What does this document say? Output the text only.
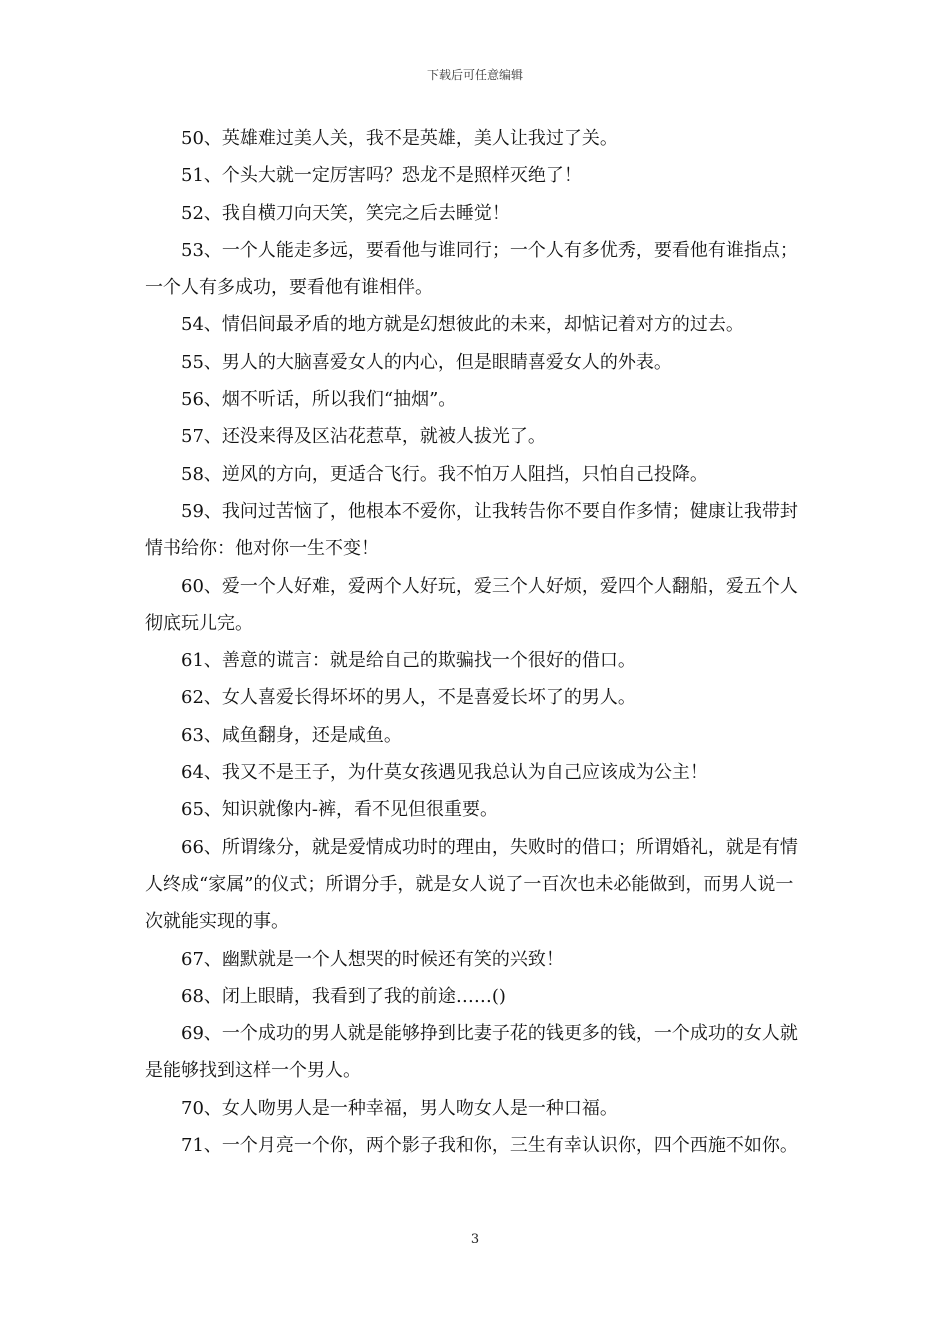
下载后可任意编辑

50、英雄难过美人关，我不是英雄，美人让我过了关。

51、个头大就一定厉害吗？恐龙不是照样灭绝了！

52、我自横刀向天笑，笑完之后去睡觉！

53、一个人能走多远，要看他与谁同行；一个人有多优秀，要看他有谁指点；一个人有多成功，要看他有谁相伴。

54、情侣间最矛盾的地方就是幻想彼此的未来，却惦记着对方的过去。

55、男人的大脑喜爱女人的内心，但是眼睛喜爱女人的外表。

56、烟不听话，所以我们“抽烟”。

57、还没来得及区沾花惹草，就被人拔光了。

58、逆风的方向，更适合飞行。我不怕万人阻挡，只怕自己投降。

59、我问过苦恼了，他根本不爱你，让我转告你不要自作多情；健康让我带封情书给你：他对你一生不变！

60、爱一个人好难，爱两个人好玩，爱三个人好烦，爱四个人翻船，爱五个人彻底玩儿完。

61、善意的谎言：就是给自己的欺骗找一个很好的借口。

62、女人喜爱长得坏坏的男人，不是喜爱长坏了的男人。

63、咸鱼翻身，还是咸鱼。

64、我又不是王子，为什莫女孩遇见我总认为自己应该成为公主！

65、知识就像内-裤，看不见但很重要。

66、所谓缘分，就是爱情成功时的理由，失败时的借口；所谓婚礼，就是有情人终成“家属”的仪式；所谓分手，就是女人说了一百次也未必能做到，而男人说一次就能实现的事。

67、幽默就是一个人想哭的时候还有笑的兴致！

68、闭上眼睛，我看到了我的前途……()

69、一个成功的男人就是能够挣到比妻子花的钱更多的钱，一个成功的女人就是能够找到这样一个男人。

70、女人吻男人是一种幸福，男人吻女人是一种口福。

71、一个月亮一个你，两个影子我和你，三生有幸认识你，四个西施不如你。

3
